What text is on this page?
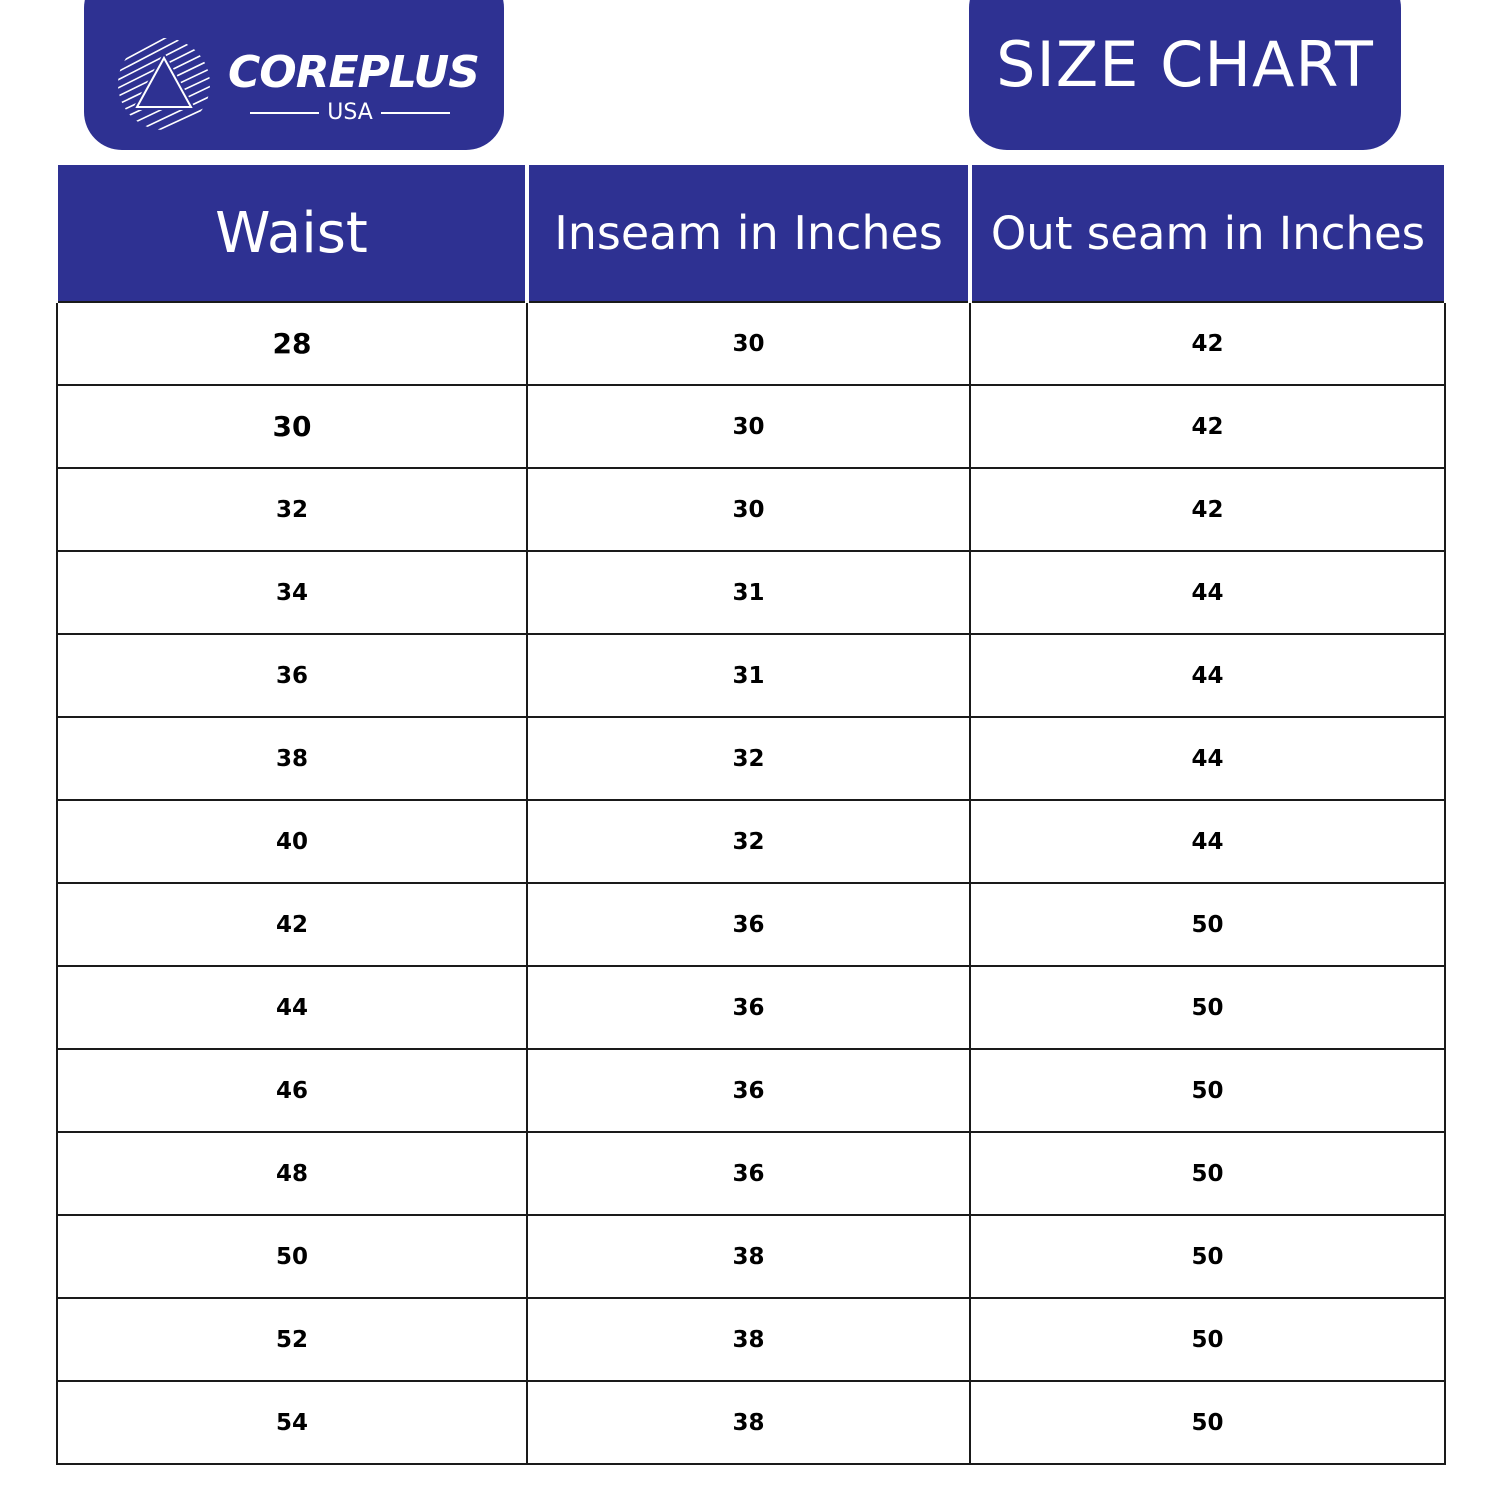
COREPLUS
USA
SIZE CHART
Waist	Inseam in Inches	Out seam in Inches
28	30	42
30	30	42
32	30	42
34	31	44
36	31	44
38	32	44
40	32	44
42	36	50
44	36	50
46	36	50
48	36	50
50	38	50
52	38	50
54	38	50
